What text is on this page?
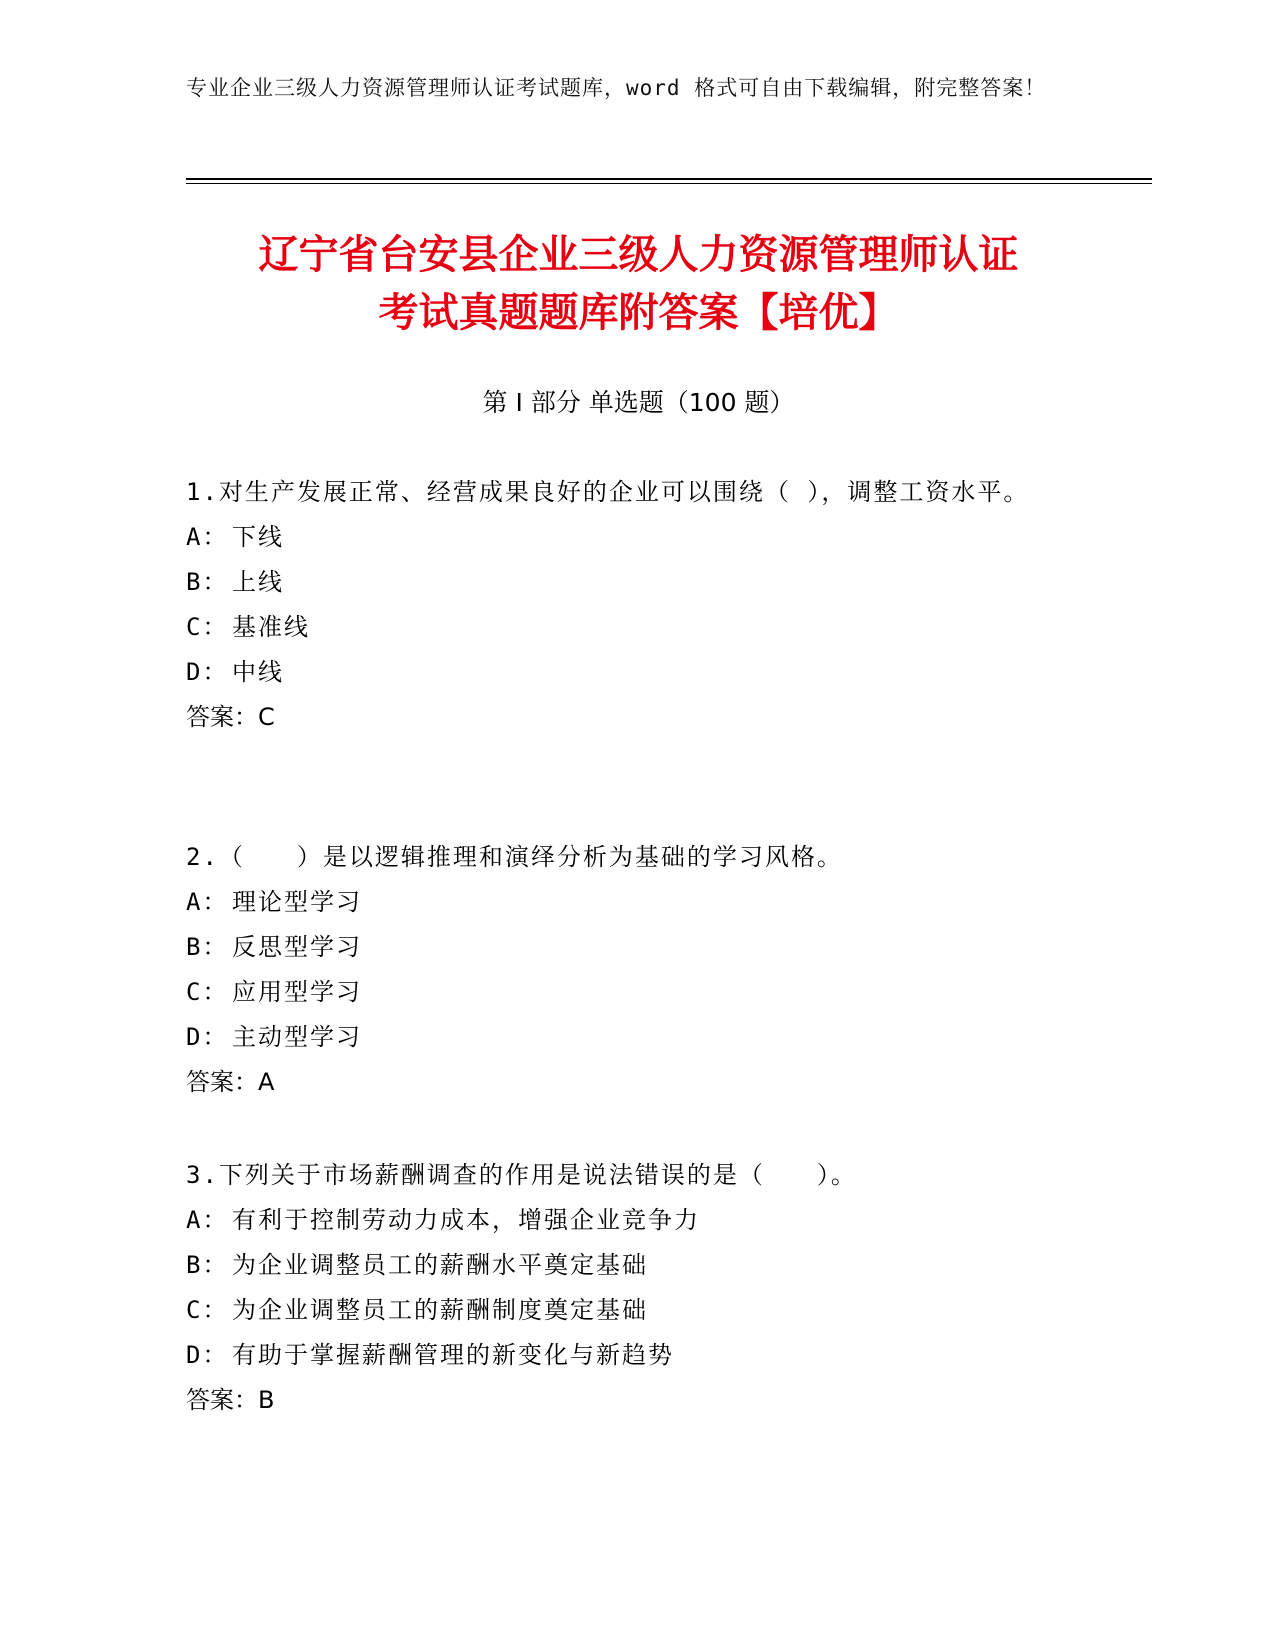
专业企业三级人力资源管理师认证考试题库，word 格式可自由下载编辑，附完整答案！
辽宁省台安县企业三级人力资源管理师认证
考试真题题库附答案【培优】
第 I 部分 单选题（100 题）

1.对生产发展正常、经营成果良好的企业可以围绕（ ），调整工资水平。

A： 下线

B： 上线

C： 基准线

D： 中线

答案：C

2.（　　）是以逻辑推理和演绎分析为基础的学习风格。

A： 理论型学习

B： 反思型学习

C： 应用型学习

D： 主动型学习

答案：A

3.下列关于市场薪酬调查的作用是说法错误的是（　　）。

A： 有利于控制劳动力成本，增强企业竞争力

B： 为企业调整员工的薪酬水平奠定基础

C： 为企业调整员工的薪酬制度奠定基础

D： 有助于掌握薪酬管理的新变化与新趋势

答案：B
